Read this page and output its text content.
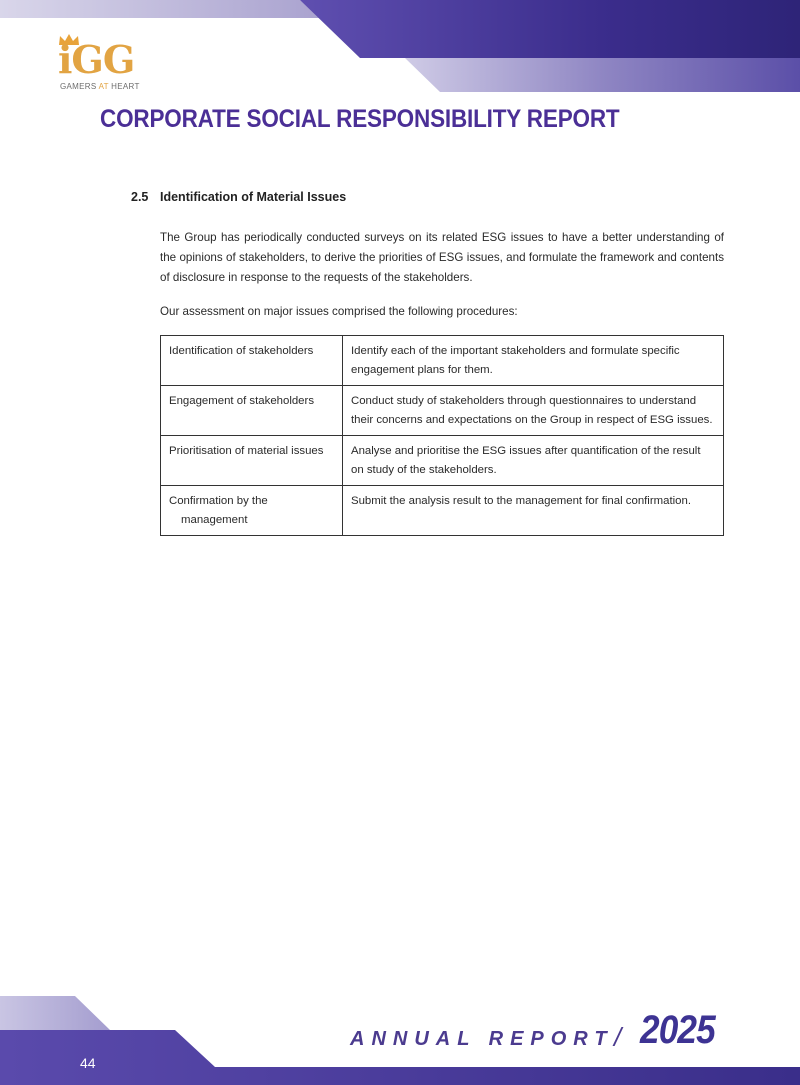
iGG
GAMERS AT HEART
CORPORATE SOCIAL RESPONSIBILITY REPORT
2.5 Identification of Material Issues
The Group has periodically conducted surveys on its related ESG issues to have a better understanding of the opinions of stakeholders, to derive the priorities of ESG issues, and formulate the framework and contents of disclosure in response to the requests of the stakeholders.
Our assessment on major issues comprised the following procedures:
Identification of stakeholders	Identify each of the important stakeholders and formulate specific engagement plans for them.

Engagement of stakeholders	Conduct study of stakeholders through questionnaires to understand their concerns and expectations on the Group in respect of ESG issues.

Prioritisation of material issues	Analyse and prioritise the ESG issues after quantification of the result on study of the stakeholders.

Confirmation by the management	Submit the analysis result to the management for final confirmation.
44
ANNUAL REPORT / 2025
